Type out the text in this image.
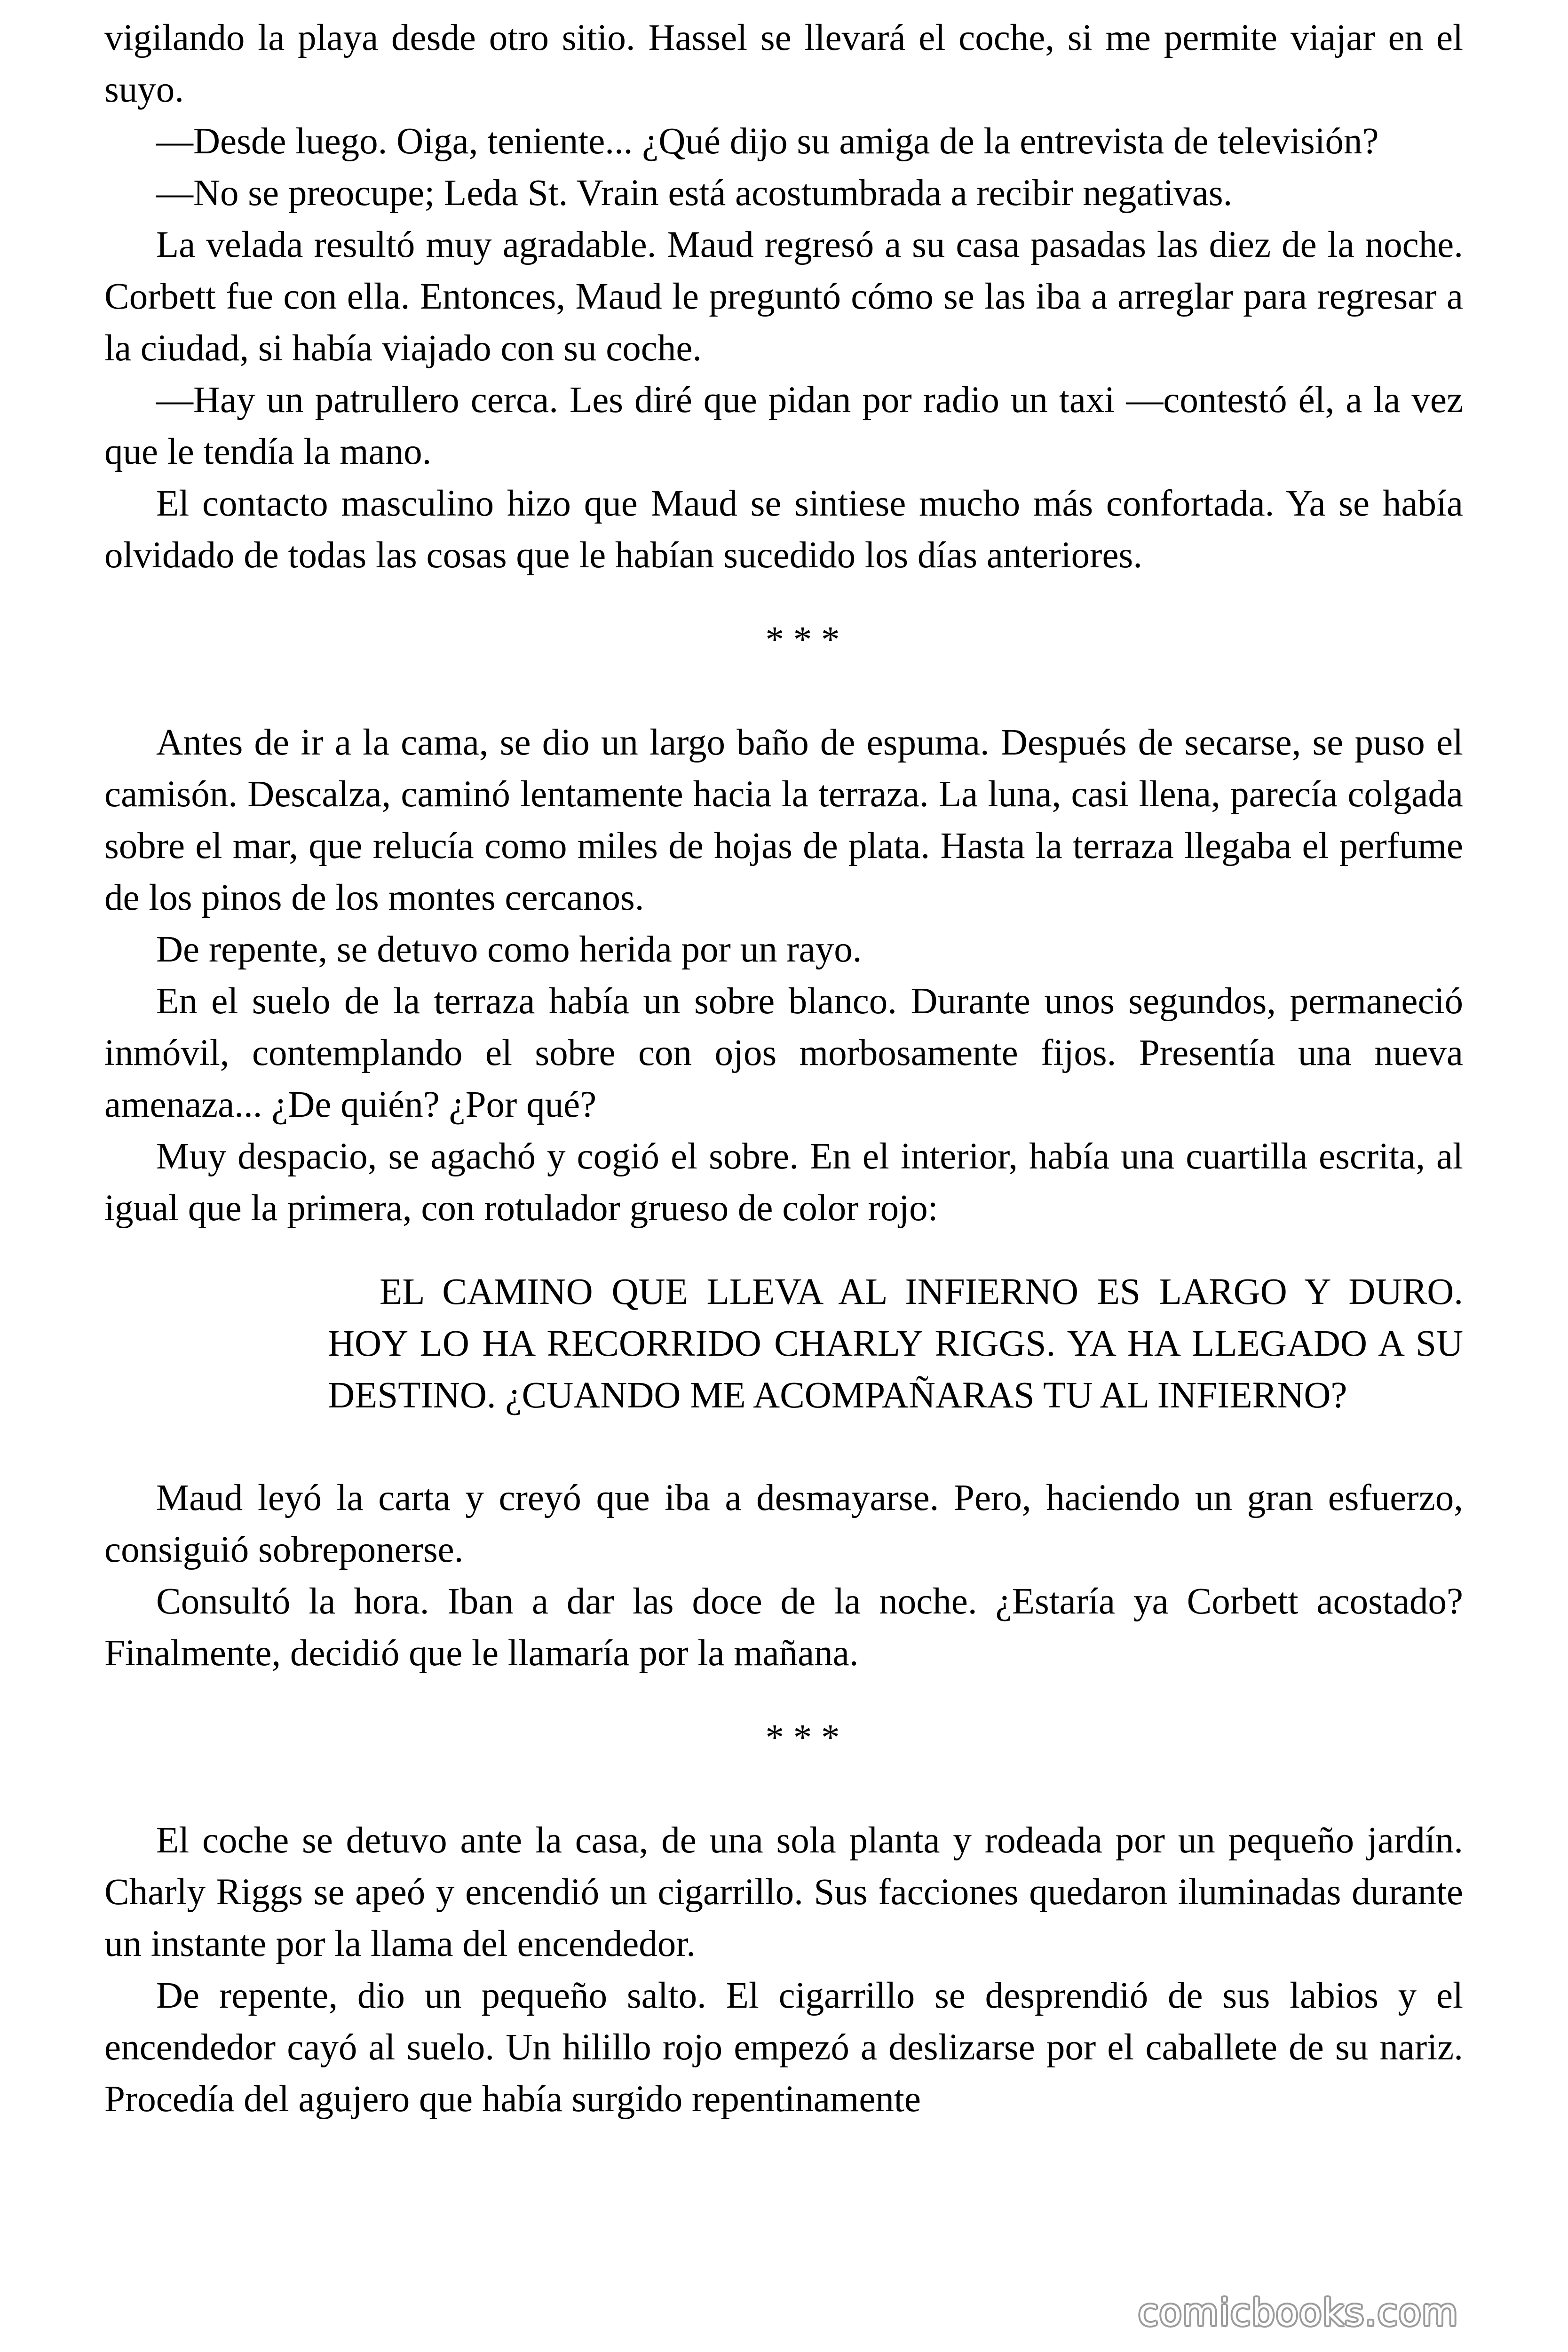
vigilando la playa desde otro sitio. Hassel se llevará el coche, si me permite viajar en el suyo.

—Desde luego. Oiga, teniente... ¿Qué dijo su amiga de la entrevista de televisión?

—No se preocupe; Leda St. Vrain está acostumbrada a recibir negativas.

La velada resultó muy agradable. Maud regresó a su casa pasadas las diez de la noche. Corbett fue con ella. Entonces, Maud le preguntó cómo se las iba a arreglar para regresar a la ciudad, si había viajado con su coche.

—Hay un patrullero cerca. Les diré que pidan por radio un taxi —contestó él, a la vez que le tendía la mano.

El contacto masculino hizo que Maud se sintiese mucho más confortada. Ya se había olvidado de todas las cosas que le habían sucedido los días anteriores.

* * *

Antes de ir a la cama, se dio un largo baño de espuma. Después de secarse, se puso el camisón. Descalza, caminó lentamente hacia la terraza. La luna, casi llena, parecía colgada sobre el mar, que relucía como miles de hojas de plata. Hasta la terraza llegaba el perfume de los pinos de los montes cercanos.

De repente, se detuvo como herida por un rayo.

En el suelo de la terraza había un sobre blanco. Durante unos segundos, permaneció inmóvil, contemplando el sobre con ojos morbosamente fijos. Presentía una nueva amenaza... ¿De quién? ¿Por qué?

Muy despacio, se agachó y cogió el sobre. En el interior, había una cuartilla escrita, al igual que la primera, con rotulador grueso de color rojo:

EL CAMINO QUE LLEVA AL INFIERNO ES LARGO Y DURO. HOY LO HA RECORRIDO CHARLY RIGGS. YA HA LLEGADO A SU DESTINO. ¿CUANDO ME ACOMPAÑARAS TU AL INFIERNO?

Maud leyó la carta y creyó que iba a desmayarse. Pero, haciendo un gran esfuerzo, consiguió sobreponerse.

Consultó la hora. Iban a dar las doce de la noche. ¿Estaría ya Corbett acostado? Finalmente, decidió que le llamaría por la mañana.

* * *

El coche se detuvo ante la casa, de una sola planta y rodeada por un pequeño jardín. Charly Riggs se apeó y encendió un cigarrillo. Sus facciones quedaron iluminadas durante un instante por la llama del encendedor.

De repente, dio un pequeño salto. El cigarrillo se desprendió de sus labios y el encendedor cayó al suelo. Un hilillo rojo empezó a deslizarse por el caballete de su nariz. Procedía del agujero que había surgido repentinamente

comicbooks.com
